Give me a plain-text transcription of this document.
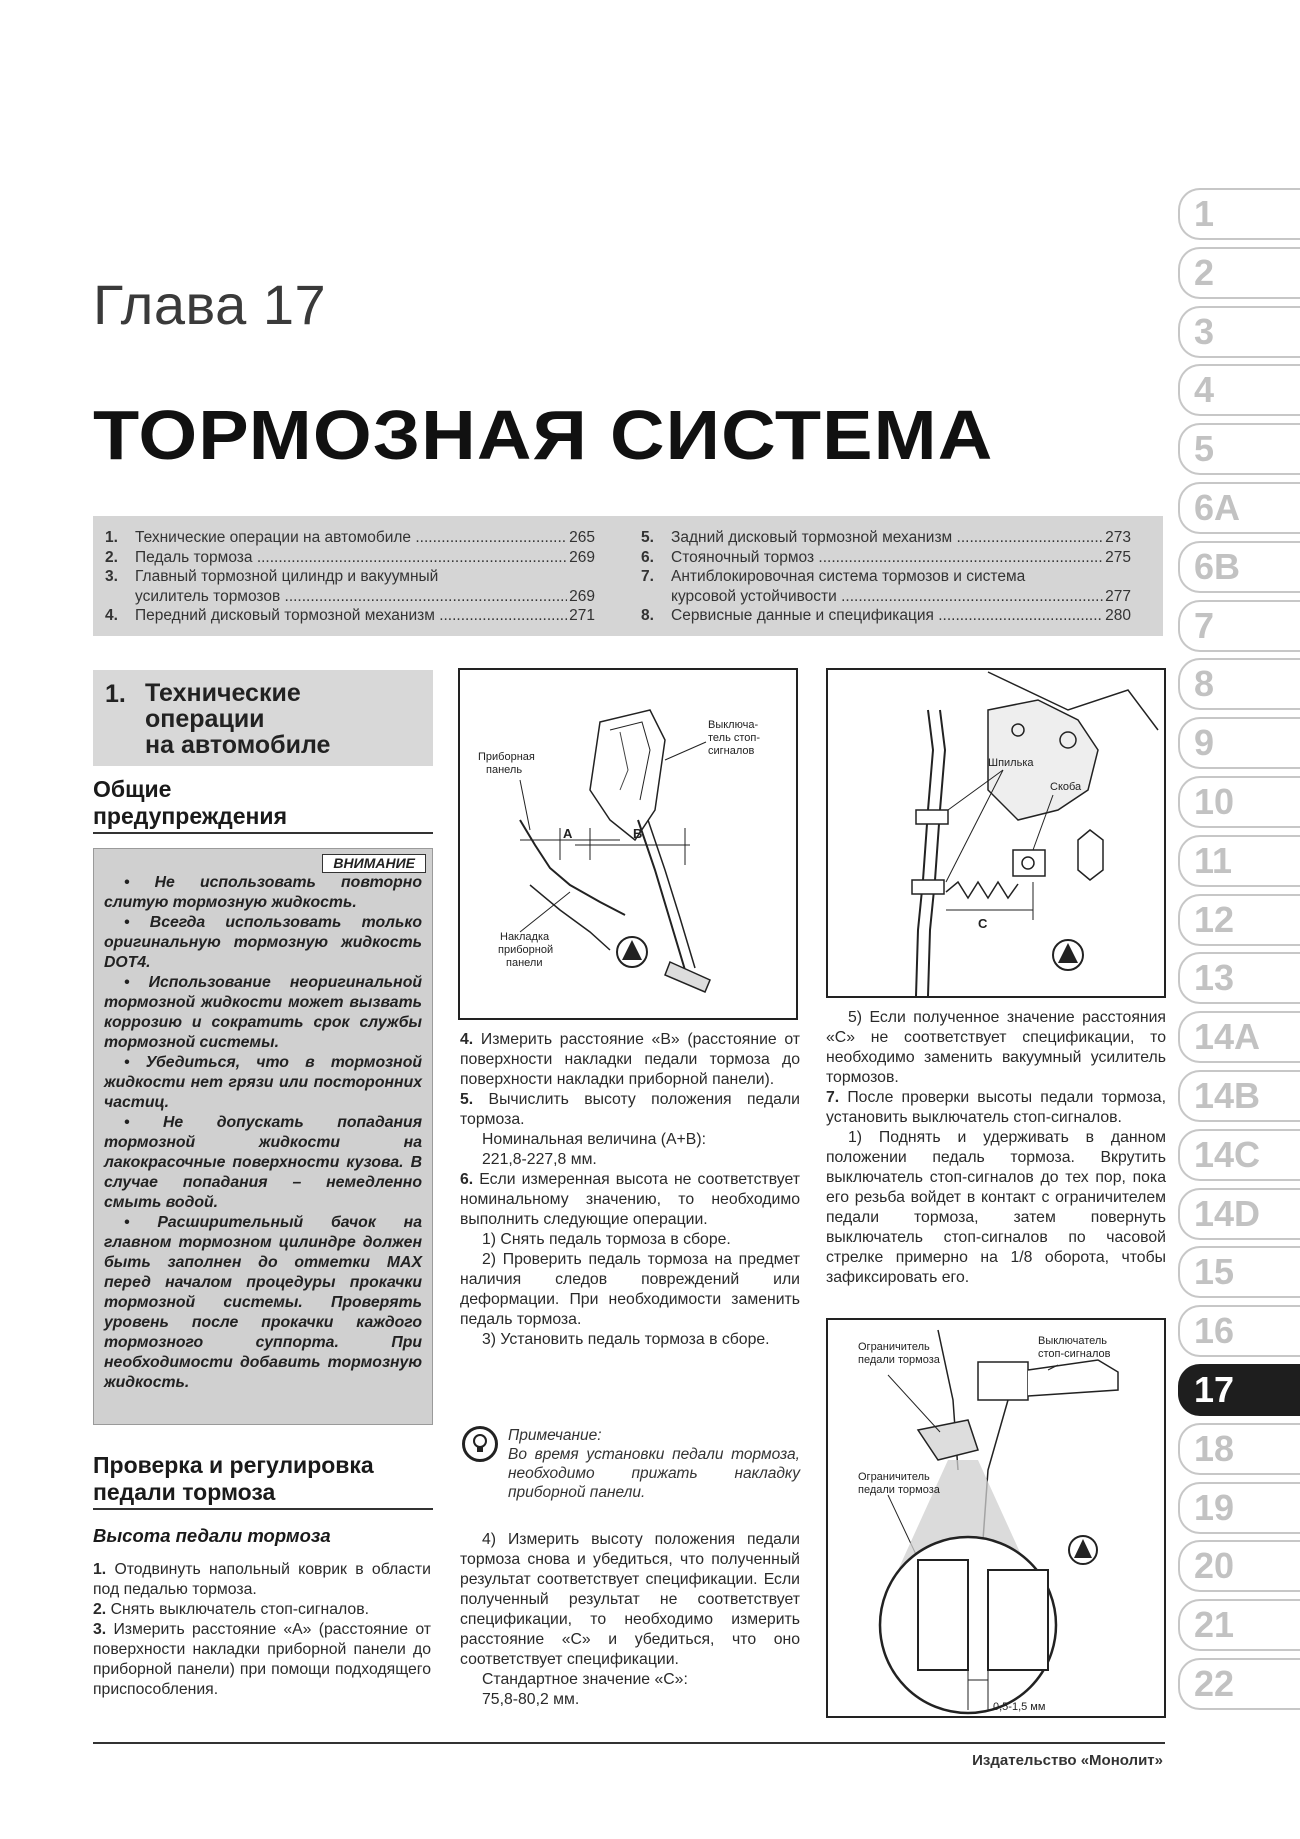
Глава 17
ТОРМОЗНАЯ СИСТЕМА
1.	Технические операции на автомобиле .....	265
2.	Педаль тормоза .....	269
3.	Главный тормозной цилиндр и вакуумный
усилитель тормозов .....	269
4.	Передний дисковый тормозной механизм .....	271
5.	Задний дисковый тормозной механизм .....	273
6.	Стояночный тормоз .....	275
7.	Антиблокировочная система тормозов и система
курсовой устойчивости .....	277
8.	Сервисные данные и спецификация .....	280
1
2
3
4
5
6A
6B
7
8
9
10
11
12
13
14A
14B
14C
14D
15
16
17
18
19
20
21
22
1. Технические
операции
на автомобиле
Общие
предупреждения
ВНИМАНИЕ

• Не использовать повторно слитую тормозную жидкость.

• Всегда использовать только оригинальную тормозную жидкость DOT4.

• Использование неоригинальной тормозной жидкости может вызвать коррозию и сократить срок службы тормозной системы.

• Убедиться, что в тормозной жидкости нет грязи или посторонних частиц.

• Не допускать попадания тормозной жидкости на лакокрасочные поверхности кузова. В случае попадания – немедленно смыть водой.

• Расширительный бачок на главном тормозном цилиндре должен быть заполнен до отметки MAX перед началом процедуры прокачки тормозной системы. Проверять уровень после прокачки каждого тормозного суппорта. При необходимости добавить тормозную жидкость.

Проверка и регулировка
педали тормоза
Высота педали тормоза

1. Отодвинуть напольный коврик в области под педалью тормоза.

2. Снять выключатель стоп-сигналов.

3. Измерить расстояние «А» (расстояние от поверхности накладки приборной панели до приборной панели) при помощи подходящего приспособления.

A	B
Выключа-
тель стоп-
сигналов
Приборная
панель
Накладка
приборной
панели

4. Измерить расстояние «B» (расстояние от поверхности накладки педали тормоза до поверхности накладки приборной панели).

5. Вычислить высоту положения педали тормоза.

Номинальная величина (A+B):

221,8-227,8 мм.

6. Если измеренная высота не соответствует номинальному значению, то необходимо выполнить следующие операции.

1) Снять педаль тормоза в сборе.

2) Проверить педаль тормоза на предмет наличия следов повреждений или деформации. При необходимости заменить педаль тормоза.

3) Установить педаль тормоза в сборе.

Примечание:
Во время установки педали тормоза, необходимо прижать накладку приборной панели.

4) Измерить высоту положения педали тормоза снова и убедиться, что полученный результат соответствует спецификации. Если полученный результат не соответствует спецификации, то необходимо измерить расстояние «C» и убедиться, что оно соответствует спецификации.

Стандартное значение «C»:

75,8-80,2 мм.

C
Шпилька
Скоба

5) Если полученное значение расстояния «C» не соответствует спецификации, то необходимо заменить вакуумный усилитель тормозов.

7. После проверки высоты педали тормоза, установить выключатель стоп-сигналов.

1) Поднять и удерживать в данном положении педаль тормоза. Вкрутить выключатель стоп-сигналов до тех пор, пока его резьба войдет в контакт с ограничителем педали тормоза, затем повернуть выключатель стоп-сигналов по часовой стрелке примерно на 1/8 оборота, чтобы зафиксировать его.

Ограничитель
педали тормоза
Выключатель
стоп-сигналов
Ограничитель
педали тормоза
0,5-1,5 мм
Издательство «Монолит»
